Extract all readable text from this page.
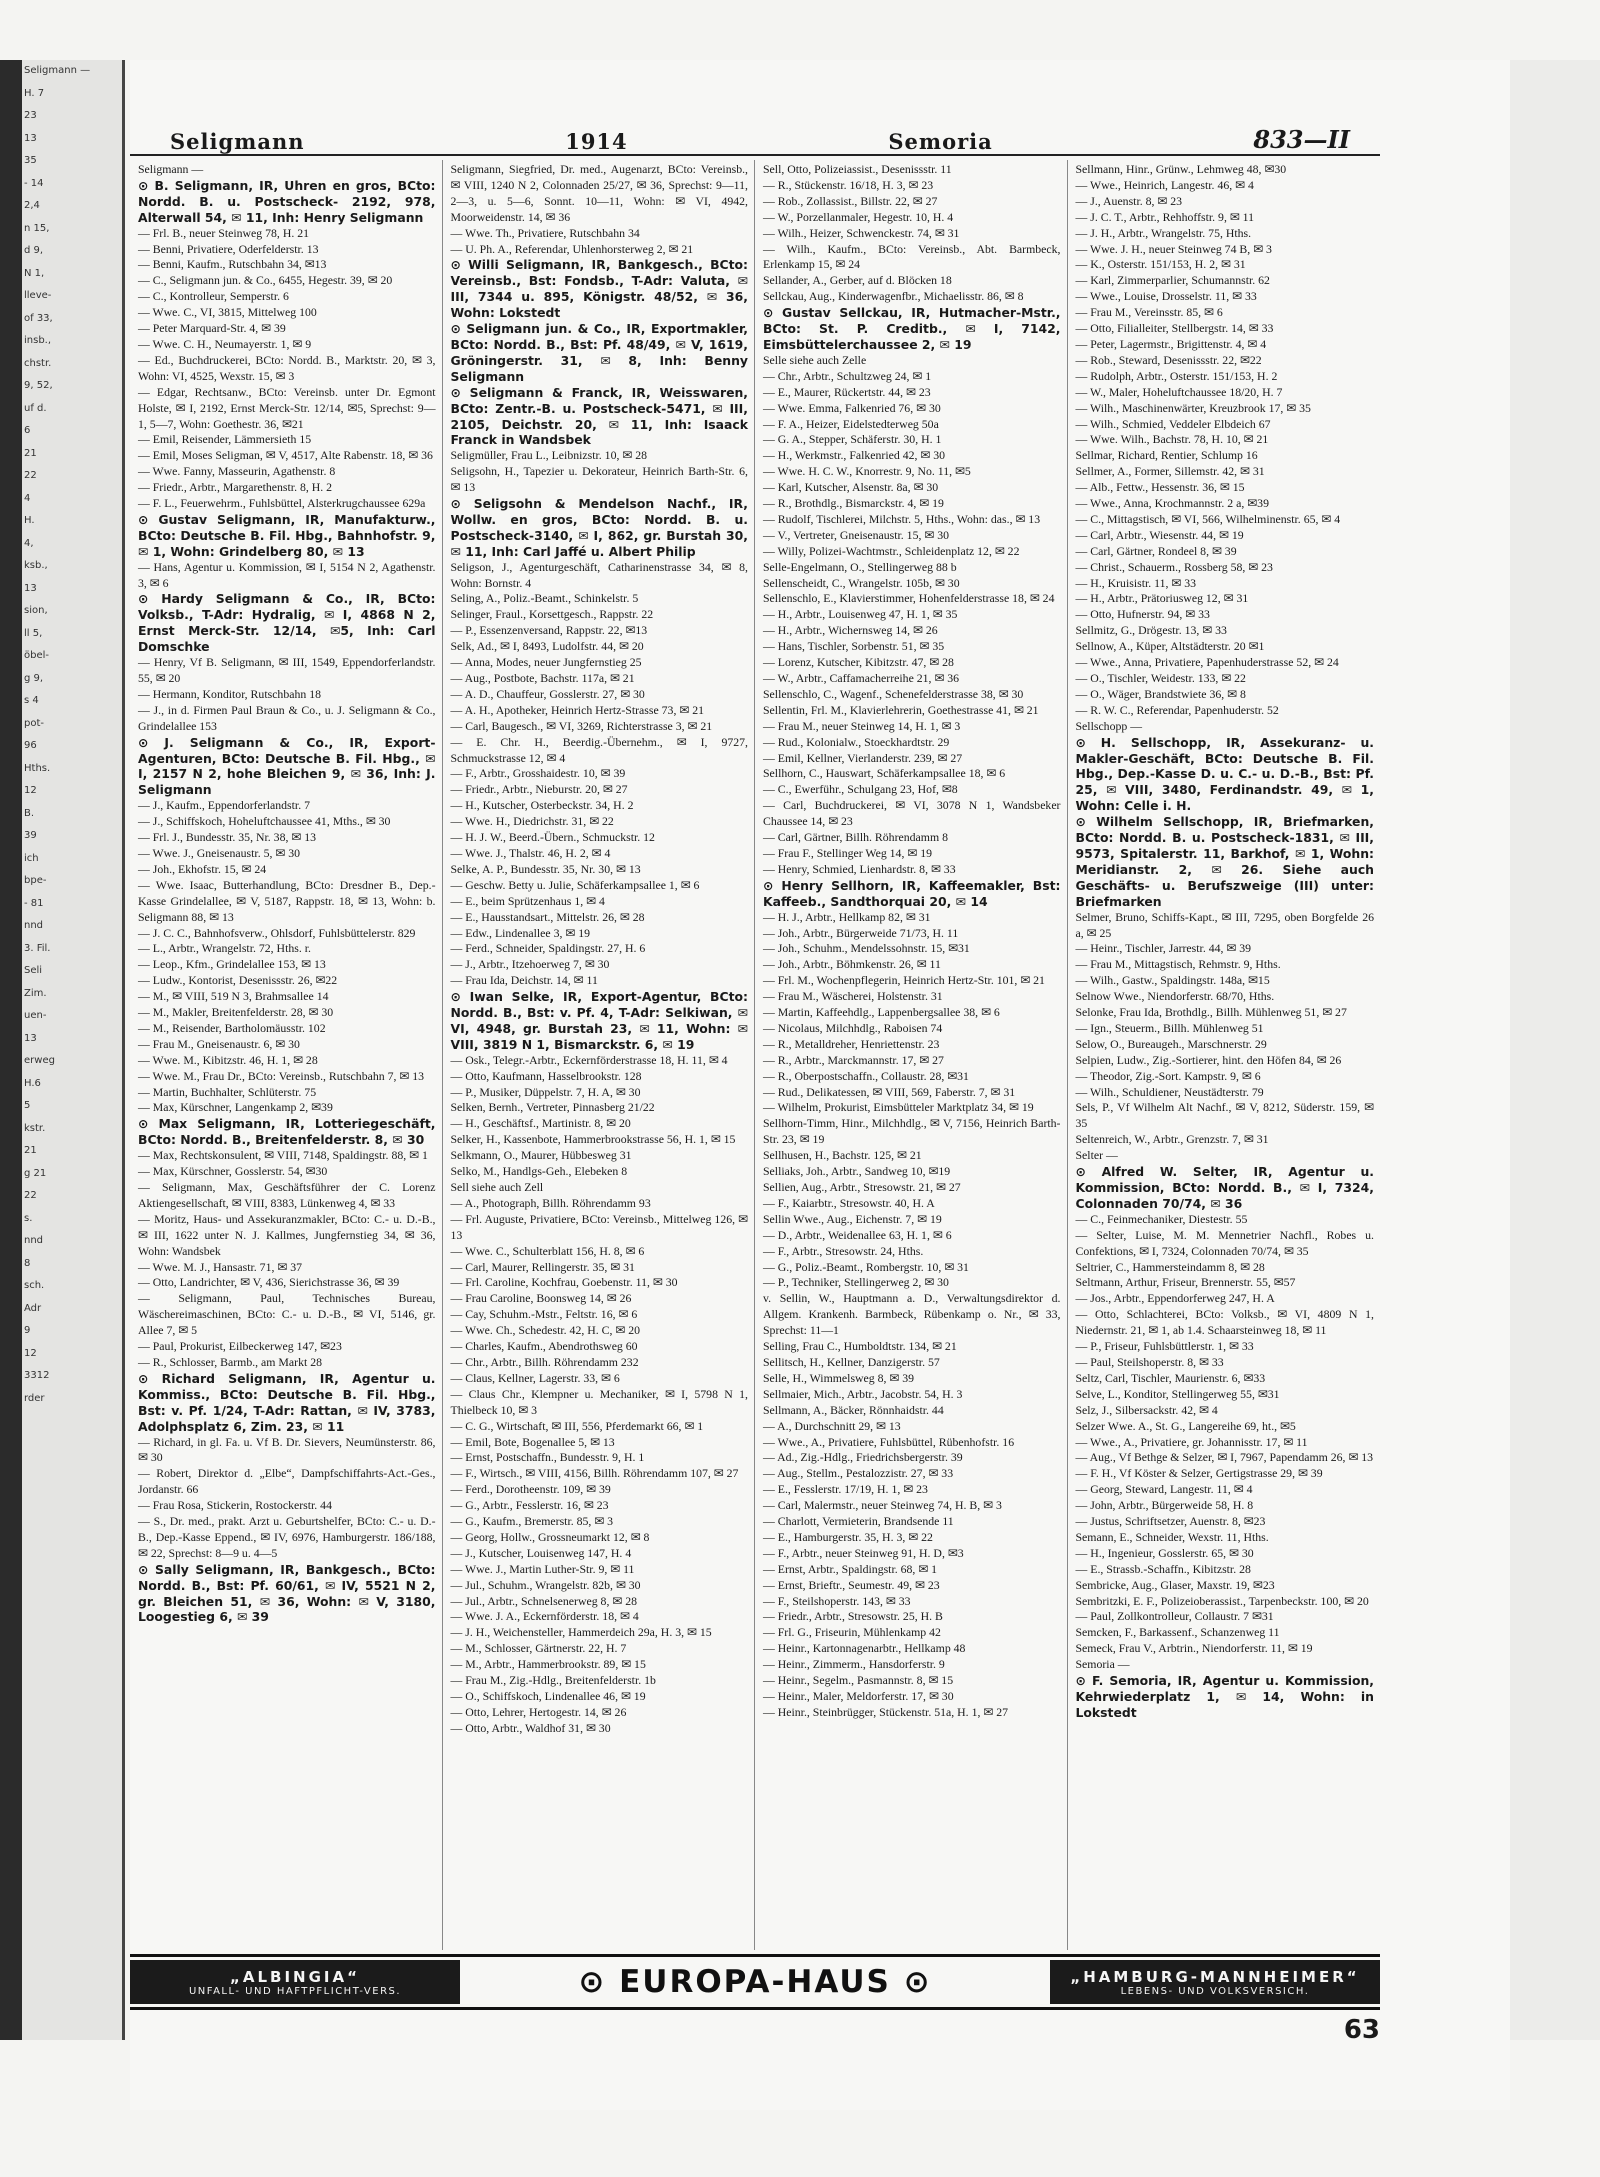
Seligmann —
H. 7
23
13
35
- 14
2,4
n 15,
d 9,
N 1,
lleve-
of 33,
insb.,
chstr.
9, 52,
uf d.
6
21
22
4
H.
4,
ksb.,
13
sion,
ll 5,
öbel-
g 9,
s 4
pot-
96
Hths.
12
B.
39
ich
bpe-
- 81
nnd
3. Fil.
Seli
Zim.
uen-
13
erweg
H.6
5
kstr.
21
g 21
22
s.
nnd
8
sch.
Adr
9
12
3312
rder
Seligmann	1914	Semoria	833—II

Seligmann —

⊙ B. Seligmann, IR, Uhren en gros, BCto: Nordd. B. u. Postscheck- 2192, 978, Alterwall 54, ✉ 11, Inh: Henry Seligmann

— Frl. B., neuer Steinweg 78, H. 21

— Benni, Privatiere, Oderfelderstr. 13

— Benni, Kaufm., Rutschbahn 34, ✉13

— C., Seligmann jun. & Co., 6455, Hegestr. 39, ✉ 20

— C., Kontrolleur, Semperstr. 6

— Wwe. C., VI, 3815, Mittelweg 100

— Peter Marquard-Str. 4, ✉ 39

— Wwe. C. H., Neumayerstr. 1, ✉ 9

— Ed., Buchdruckerei, BCto: Nordd. B., Marktstr. 20, ✉ 3, Wohn: VI, 4525, Wexstr. 15, ✉ 3

— Edgar, Rechtsanw., BCto: Vereinsb. unter Dr. Egmont Holste, ✉ I, 2192, Ernst Merck-Str. 12/14, ✉5, Sprechst: 9—1, 5—7, Wohn: Goethestr. 36, ✉21

— Emil, Reisender, Lämmersieth 15

— Emil, Moses Seligman, ✉ V, 4517, Alte Rabenstr. 18, ✉ 36

— Wwe. Fanny, Masseurin, Agathenstr. 8

— Friedr., Arbtr., Margarethenstr. 8, H. 2

— F. L., Feuerwehrm., Fuhlsbüttel, Alsterkrugchaussee 629a

⊙ Gustav Seligmann, IR, Manufakturw., BCto: Deutsche B. Fil. Hbg., Bahnhofstr. 9, ✉ 1, Wohn: Grindelberg 80, ✉ 13

— Hans, Agentur u. Kommission, ✉ I, 5154 N 2, Agathenstr. 3, ✉ 6

⊙ Hardy Seligmann & Co., IR, BCto: Volksb., T-Adr: Hydralig, ✉ I, 4868 N 2, Ernst Merck-Str. 12/14, ✉5, Inh: Carl Domschke

— Henry, Vf B. Seligmann, ✉ III, 1549, Eppendorferlandstr. 55, ✉ 20

— Hermann, Konditor, Rutschbahn 18

— J., in d. Firmen Paul Braun & Co., u. J. Seligmann & Co., Grindelallee 153

⊙ J. Seligmann & Co., IR, Export-Agenturen, BCto: Deutsche B. Fil. Hbg., ✉ I, 2157 N 2, hohe Bleichen 9, ✉ 36, Inh: J. Seligmann

— J., Kaufm., Eppendorferlandstr. 7

— J., Schiffskoch, Hoheluftchaussee 41, Mths., ✉ 30

— Frl. J., Bundesstr. 35, Nr. 38, ✉ 13

— Wwe. J., Gneisenaustr. 5, ✉ 30

— Joh., Ekhofstr. 15, ✉ 24

— Wwe. Isaac, Butterhandlung, BCto: Dresdner B., Dep.-Kasse Grindelallee, ✉ V, 5187, Rappstr. 18, ✉ 13, Wohn: b. Seligmann 88, ✉ 13

— J. C. C., Bahnhofsverw., Ohlsdorf, Fuhlsbüttelerstr. 829

— L., Arbtr., Wrangelstr. 72, Hths. r.

— Leop., Kfm., Grindelallee 153, ✉ 13

— Ludw., Kontorist, Desenissstr. 26, ✉22

— M., ✉ VIII, 519 N 3, Brahmsallee 14

— M., Makler, Breitenfelderstr. 28, ✉ 30

— M., Reisender, Bartholomäusstr. 102

— Frau M., Gneisenaustr. 6, ✉ 30

— Wwe. M., Kibitzstr. 46, H. 1, ✉ 28

— Wwe. M., Frau Dr., BCto: Vereinsb., Rutschbahn 7, ✉ 13

— Martin, Buchhalter, Schlüterstr. 75

— Max, Kürschner, Langenkamp 2, ✉39

⊙ Max Seligmann, IR, Lotteriegeschäft, BCto: Nordd. B., Breitenfelderstr. 8, ✉ 30

— Max, Rechtskonsulent, ✉ VIII, 7148, Spaldingstr. 88, ✉ 1

— Max, Kürschner, Gosslerstr. 54, ✉30

— Seligmann, Max, Geschäftsführer der C. Lorenz Aktiengesellschaft, ✉ VIII, 8383, Lünkenweg 4, ✉ 33

— Moritz, Haus- und Assekuranzmakler, BCto: C.- u. D.-B., ✉ III, 1622 unter N. J. Kallmes, Jungfernstieg 34, ✉ 36, Wohn: Wandsbek

— Wwe. M. J., Hansastr. 71, ✉ 37

— Otto, Landrichter, ✉ V, 436, Sierichstrasse 36, ✉ 39

— Seligmann, Paul, Technisches Bureau, Wäschereimaschinen, BCto: C.- u. D.-B., ✉ VI, 5146, gr. Allee 7, ✉ 5

— Paul, Prokurist, Eilbeckerweg 147, ✉23

— R., Schlosser, Barmb., am Markt 28

⊙ Richard Seligmann, IR, Agentur u. Kommiss., BCto: Deutsche B. Fil. Hbg., Bst: v. Pf. 1/24, T-Adr: Rattan, ✉ IV, 3783, Adolphsplatz 6, Zim. 23, ✉ 11

— Richard, in gl. Fa. u. Vf B. Dr. Sievers, Neumünsterstr. 86, ✉ 30

— Robert, Direktor d. „Elbe“, Dampfschiffahrts-Act.-Ges., Jordanstr. 66

— Frau Rosa, Stickerin, Rostockerstr. 44

— S., Dr. med., prakt. Arzt u. Geburtshelfer, BCto: C.- u. D.-B., Dep.-Kasse Eppend., ✉ IV, 6976, Hamburgerstr. 186/188, ✉ 22, Sprechst: 8—9 u. 4—5

⊙ Sally Seligmann, IR, Bankgesch., BCto: Nordd. B., Bst: Pf. 60/61, ✉ IV, 5521 N 2, gr. Bleichen 51, ✉ 36, Wohn: ✉ V, 3180, Loogestieg 6, ✉ 39

Seligmann, Siegfried, Dr. med., Augenarzt, BCto: Vereinsb., ✉ VIII, 1240 N 2, Colonnaden 25/27, ✉ 36, Sprechst: 9—11, 2—3, u. 5—6, Sonnt. 10—11, Wohn: ✉ VI, 4942, Moorweidenstr. 14, ✉ 36

— Wwe. Th., Privatiere, Rutschbahn 34

— U. Ph. A., Referendar, Uhlenhorsterweg 2, ✉ 21

⊙ Willi Seligmann, IR, Bankgesch., BCto: Vereinsb., Bst: Fondsb., T-Adr: Valuta, ✉ III, 7344 u. 895, Königstr. 48/52, ✉ 36, Wohn: Lokstedt

⊙ Seligmann jun. & Co., IR, Exportmakler, BCto: Nordd. B., Bst: Pf. 48/49, ✉ V, 1619, Gröningerstr. 31, ✉ 8, Inh: Benny Seligmann

⊙ Seligmann & Franck, IR, Weisswaren, BCto: Zentr.-B. u. Postscheck-5471, ✉ III, 2105, Deichstr. 20, ✉ 11, Inh: Isaack Franck in Wandsbek

Seligmüller, Frau L., Leibnizstr. 10, ✉ 28

Seligsohn, H., Tapezier u. Dekorateur, Heinrich Barth-Str. 6, ✉ 13

⊙ Seligsohn & Mendelson Nachf., IR, Wollw. en gros, BCto: Nordd. B. u. Postscheck-3140, ✉ I, 862, gr. Burstah 30, ✉ 11, Inh: Carl Jaffé u. Albert Philip

Seligson, J., Agenturgeschäft, Catharinenstrasse 34, ✉ 8, Wohn: Bornstr. 4

Seling, A., Poliz.-Beamt., Schinkelstr. 5

Selinger, Fraul., Korsettgesch., Rappstr. 22

— P., Essenzenversand, Rappstr. 22, ✉13

Selk, Ad., ✉ I, 8493, Ludolfstr. 44, ✉ 20

— Anna, Modes, neuer Jungfernstieg 25

— Aug., Postbote, Bachstr. 117a, ✉ 21

— A. D., Chauffeur, Gosslerstr. 27, ✉ 30

— A. H., Apotheker, Heinrich Hertz-Strasse 73, ✉ 21

— Carl, Baugesch., ✉ VI, 3269, Richterstrasse 3, ✉ 21

— E. Chr. H., Beerdig.-Übernehm., ✉ I, 9727, Schmuckstrasse 12, ✉ 4

— F., Arbtr., Grosshaidestr. 10, ✉ 39

— Friedr., Arbtr., Nieburstr. 20, ✉ 27

— H., Kutscher, Osterbeckstr. 34, H. 2

— Wwe. H., Diedrichstr. 31, ✉ 22

— H. J. W., Beerd.-Übern., Schmuckstr. 12

— Wwe. J., Thalstr. 46, H. 2, ✉ 4

Selke, A. P., Bundesstr. 35, Nr. 30, ✉ 13

— Geschw. Betty u. Julie, Schäferkampsallee 1, ✉ 6

— E., beim Sprützenhaus 1, ✉ 4

— E., Hausstandsart., Mittelstr. 26, ✉ 28

— Edw., Lindenallee 3, ✉ 19

— Ferd., Schneider, Spaldingstr. 27, H. 6

— J., Arbtr., Itzehoerweg 7, ✉ 30

— Frau Ida, Deichstr. 14, ✉ 11

⊙ Iwan Selke, IR, Export-Agentur, BCto: Nordd. B., Bst: v. Pf. 4, T-Adr: Selkiwan, ✉ VI, 4948, gr. Burstah 23, ✉ 11, Wohn: ✉ VIII, 3819 N 1, Bismarckstr. 6, ✉ 19

— Osk., Telegr.-Arbtr., Eckernförderstrasse 18, H. 11, ✉ 4

— Otto, Kaufmann, Hasselbrookstr. 128

— P., Musiker, Düppelstr. 7, H. A, ✉ 30

Selken, Bernh., Vertreter, Pinnasberg 21/22

— H., Geschäftsf., Martinistr. 8, ✉ 20

Selker, H., Kassenbote, Hammerbrookstrasse 56, H. 1, ✉ 15

Selkmann, O., Maurer, Hübbesweg 31

Selko, M., Handlgs-Geh., Elebeken 8

Sell siehe auch Zell

— A., Photograph, Billh. Röhrendamm 93

— Frl. Auguste, Privatiere, BCto: Vereinsb., Mittelweg 126, ✉ 13

— Wwe. C., Schulterblatt 156, H. 8, ✉ 6

— Carl, Maurer, Rellingerstr. 35, ✉ 31

— Frl. Caroline, Kochfrau, Goebenstr. 11, ✉ 30

— Frau Caroline, Boonsweg 14, ✉ 26

— Cay, Schuhm.-Mstr., Feltstr. 16, ✉ 6

— Wwe. Ch., Schedestr. 42, H. C, ✉ 20

— Charles, Kaufm., Abendrothsweg 60

— Chr., Arbtr., Billh. Röhrendamm 232

— Claus, Kellner, Lagerstr. 33, ✉ 6

— Claus Chr., Klempner u. Mechaniker, ✉ I, 5798 N 1, Thielbeck 10, ✉ 3

— C. G., Wirtschaft, ✉ III, 556, Pferdemarkt 66, ✉ 1

— Emil, Bote, Bogenallee 5, ✉ 13

— Ernst, Postschaffn., Bundesstr. 9, H. 1

— F., Wirtsch., ✉ VIII, 4156, Billh. Röhrendamm 107, ✉ 27

— Ferd., Dorotheenstr. 109, ✉ 39

— G., Arbtr., Fesslerstr. 16, ✉ 23

— G., Kaufm., Bremerstr. 85, ✉ 3

— Georg, Hollw., Grossneumarkt 12, ✉ 8

— J., Kutscher, Louisenweg 147, H. 4

— Wwe. J., Martin Luther-Str. 9, ✉ 11

— Jul., Schuhm., Wrangelstr. 82b, ✉ 30

— Jul., Arbtr., Schnelsenerweg 8, ✉ 28

— Wwe. J. A., Eckernförderstr. 18, ✉ 4

— J. H., Weichensteller, Hammerdeich 29a, H. 3, ✉ 15

— M., Schlosser, Gärtnerstr. 22, H. 7

— M., Arbtr., Hammerbrookstr. 89, ✉ 15

— Frau M., Zig.-Hdlg., Breitenfelderstr. 1b

— O., Schiffskoch, Lindenallee 46, ✉ 19

— Otto, Lehrer, Hertogestr. 14, ✉ 26

— Otto, Arbtr., Waldhof 31, ✉ 30

Sell, Otto, Polizeiassist., Desenissstr. 11

— R., Stückenstr. 16/18, H. 3, ✉ 23

— Rob., Zollassist., Billstr. 22, ✉ 27

— W., Porzellanmaler, Hegestr. 10, H. 4

— Wilh., Heizer, Schwenckestr. 74, ✉ 31

— Wilh., Kaufm., BCto: Vereinsb., Abt. Barmbeck, Erlenkamp 15, ✉ 24

Sellander, A., Gerber, auf d. Blöcken 18

Sellckau, Aug., Kinderwagenfbr., Michaelisstr. 86, ✉ 8

⊙ Gustav Sellckau, IR, Hutmacher-Mstr., BCto: St. P. Creditb., ✉ I, 7142, Eimsbüttelerchaussee 2, ✉ 19

Selle siehe auch Zelle

— Chr., Arbtr., Schultzweg 24, ✉ 1

— E., Maurer, Rückertstr. 44, ✉ 23

— Wwe. Emma, Falkenried 76, ✉ 30

— F. A., Heizer, Eidelstedterweg 50a

— G. A., Stepper, Schäferstr. 30, H. 1

— H., Werkmstr., Falkenried 42, ✉ 30

— Wwe. H. C. W., Knorrestr. 9, No. 11, ✉5

— Karl, Kutscher, Alsenstr. 8a, ✉ 30

— R., Brothdlg., Bismarckstr. 4, ✉ 19

— Rudolf, Tischlerei, Milchstr. 5, Hths., Wohn: das., ✉ 13

— V., Vertreter, Gneisenaustr. 15, ✉ 30

— Willy, Polizei-Wachtmstr., Schleidenplatz 12, ✉ 22

Selle-Engelmann, O., Stellingerweg 88 b

Sellenscheidt, C., Wrangelstr. 105b, ✉ 30

Sellenschlo, E., Klavierstimmer, Hohenfelderstrasse 18, ✉ 24

— H., Arbtr., Louisenweg 47, H. 1, ✉ 35

— H., Arbtr., Wichernsweg 14, ✉ 26

— Hans, Tischler, Sorbenstr. 51, ✉ 35

— Lorenz, Kutscher, Kibitzstr. 47, ✉ 28

— W., Arbtr., Caffamacherreihe 21, ✉ 36

Sellenschlo, C., Wagenf., Schenefelderstrasse 38, ✉ 30

Sellentin, Frl. M., Klavierlehrerin, Goethestrasse 41, ✉ 21

— Frau M., neuer Steinweg 14, H. 1, ✉ 3

— Rud., Kolonialw., Stoeckhardtstr. 29

— Emil, Kellner, Vierlanderstr. 239, ✉ 27

Sellhorn, C., Hauswart, Schäferkampsallee 18, ✉ 6

— C., Ewerführ., Schulgang 23, Hof, ✉8

— Carl, Buchdruckerei, ✉ VI, 3078 N 1, Wandsbeker Chaussee 14, ✉ 23

— Carl, Gärtner, Billh. Röhrendamm 8

— Frau F., Stellinger Weg 14, ✉ 19

— Henry, Schmied, Lienhardstr. 8, ✉ 33

⊙ Henry Sellhorn, IR, Kaffeemakler, Bst: Kaffeeb., Sandthorquai 20, ✉ 14

— H. J., Arbtr., Hellkamp 82, ✉ 31

— Joh., Arbtr., Bürgerweide 71/73, H. 11

— Joh., Schuhm., Mendelssohnstr. 15, ✉31

— Joh., Arbtr., Böhmkenstr. 26, ✉ 11

— Frl. M., Wochenpflegerin, Heinrich Hertz-Str. 101, ✉ 21

— Frau M., Wäscherei, Holstenstr. 31

— Martin, Kaffeehdlg., Lappenbergsallee 38, ✉ 6

— Nicolaus, Milchhdlg., Raboisen 74

— R., Metalldreher, Henriettenstr. 23

— R., Arbtr., Marckmannstr. 17, ✉ 27

— R., Oberpostschaffn., Collaustr. 28, ✉31

— Rud., Delikatessen, ✉ VIII, 569, Faberstr. 7, ✉ 31

— Wilhelm, Prokurist, Eimsbütteler Marktplatz 34, ✉ 19

Sellhorn-Timm, Hinr., Milchhdlg., ✉ V, 7156, Heinrich Barth-Str. 23, ✉ 19

Sellhusen, H., Bachstr. 125, ✉ 21

Selliaks, Joh., Arbtr., Sandweg 10, ✉19

Sellien, Aug., Arbtr., Stresowstr. 21, ✉ 27

— F., Kaiarbtr., Stresowstr. 40, H. A

Sellin Wwe., Aug., Eichenstr. 7, ✉ 19

— D., Arbtr., Weidenallee 63, H. 1, ✉ 6

— F., Arbtr., Stresowstr. 24, Hths.

— G., Poliz.-Beamt., Rombergstr. 10, ✉ 31

— P., Techniker, Stellingerweg 2, ✉ 30

v. Sellin, W., Hauptmann a. D., Verwaltungsdirektor d. Allgem. Krankenh. Barmbeck, Rübenkamp o. Nr., ✉ 33, Sprechst: 11—1

Selling, Frau C., Humboldtstr. 134, ✉ 21

Sellitsch, H., Kellner, Danzigerstr. 57

Selle, H., Wimmelsweg 8, ✉ 39

Sellmaier, Mich., Arbtr., Jacobstr. 54, H. 3

Sellmann, A., Bäcker, Rönnhaidstr. 44

— A., Durchschnitt 29, ✉ 13

— Wwe., A., Privatiere, Fuhlsbüttel, Rübenhofstr. 16

— Ad., Zig.-Hdlg., Friedrichsbergerstr. 39

— Aug., Stellm., Pestalozzistr. 27, ✉ 33

— E., Fesslerstr. 17/19, H. 1, ✉ 23

— Carl, Malermstr., neuer Steinweg 74, H. B, ✉ 3

— Charlott, Vermieterin, Brandsende 11

— E., Hamburgerstr. 35, H. 3, ✉ 22

— F., Arbtr., neuer Steinweg 91, H. D, ✉3

— Ernst, Arbtr., Spaldingstr. 68, ✉ 1

— Ernst, Brieftr., Seumestr. 49, ✉ 23

— F., Steilshoperstr. 143, ✉ 33

— Friedr., Arbtr., Stresowstr. 25, H. B

— Frl. G., Friseurin, Mühlenkamp 42

— Heinr., Kartonnagenarbtr., Hellkamp 48

— Heinr., Zimmerm., Hansdorferstr. 9

— Heinr., Segelm., Pasmannstr. 8, ✉ 15

— Heinr., Maler, Meldorferstr. 17, ✉ 30

— Heinr., Steinbrügger, Stückenstr. 51a, H. 1, ✉ 27

Sellmann, Hinr., Grünw., Lehmweg 48, ✉30

— Wwe., Heinrich, Langestr. 46, ✉ 4

— J., Auenstr. 8, ✉ 23

— J. C. T., Arbtr., Rehhoffstr. 9, ✉ 11

— J. H., Arbtr., Wrangelstr. 75, Hths.

— Wwe. J. H., neuer Steinweg 74 B, ✉ 3

— K., Osterstr. 151/153, H. 2, ✉ 31

— Karl, Zimmerparlier, Schumannstr. 62

— Wwe., Louise, Drosselstr. 11, ✉ 33

— Frau M., Vereinsstr. 85, ✉ 6

— Otto, Filialleiter, Stellbergstr. 14, ✉ 33

— Peter, Lagermstr., Brigittenstr. 4, ✉ 4

— Rob., Steward, Desenissstr. 22, ✉22

— Rudolph, Arbtr., Osterstr. 151/153, H. 2

— W., Maler, Hoheluftchaussee 18/20, H. 7

— Wilh., Maschinenwärter, Kreuzbrook 17, ✉ 35

— Wilh., Schmied, Veddeler Elbdeich 67

— Wwe. Wilh., Bachstr. 78, H. 10, ✉ 21

Sellmar, Richard, Rentier, Schlump 16

Sellmer, A., Former, Sillemstr. 42, ✉ 31

— Alb., Fettw., Hessenstr. 36, ✉ 15

— Wwe., Anna, Krochmannstr. 2 a, ✉39

— C., Mittagstisch, ✉ VI, 566, Wilhelminenstr. 65, ✉ 4

— Carl, Arbtr., Wiesenstr. 44, ✉ 19

— Carl, Gärtner, Rondeel 8, ✉ 39

— Christ., Schauerm., Rossberg 58, ✉ 23

— H., Kruisistr. 11, ✉ 33

— H., Arbtr., Prätoriusweg 12, ✉ 31

— Otto, Hufnerstr. 94, ✉ 33

Sellmitz, G., Drögestr. 13, ✉ 33

Sellnow, A., Küper, Altstädterstr. 20 ✉1

— Wwe., Anna, Privatiere, Papenhuderstrasse 52, ✉ 24

— O., Tischler, Weidestr. 133, ✉ 22

— O., Wäger, Brandstwiete 36, ✉ 8

— R. W. C., Referendar, Papenhuderstr. 52

Sellschopp —

⊙ H. Sellschopp, IR, Assekuranz- u. Makler-Geschäft, BCto: Deutsche B. Fil. Hbg., Dep.-Kasse D. u. C.- u. D.-B., Bst: Pf. 25, ✉ VIII, 3480, Ferdinandstr. 49, ✉ 1, Wohn: Celle i. H.

⊙ Wilhelm Sellschopp, IR, Briefmarken, BCto: Nordd. B. u. Postscheck-1831, ✉ III, 9573, Spitalerstr. 11, Barkhof, ✉ 1, Wohn: Meridianstr. 2, ✉ 26. Siehe auch Geschäfts- u. Berufszweige (III) unter: Briefmarken

Selmer, Bruno, Schiffs-Kapt., ✉ III, 7295, oben Borgfelde 26 a, ✉ 25

— Heinr., Tischler, Jarrestr. 44, ✉ 39

— Frau M., Mittagstisch, Rehmstr. 9, Hths.

— Wilh., Gastw., Spaldingstr. 148a, ✉15

Selnow Wwe., Niendorferstr. 68/70, Hths.

Selonke, Frau Ida, Brothdlg., Billh. Mühlenweg 51, ✉ 27

— Ign., Steuerm., Billh. Mühlenweg 51

Selow, O., Bureaugeh., Marschnerstr. 29

Selpien, Ludw., Zig.-Sortierer, hint. den Höfen 84, ✉ 26

— Theodor, Zig.-Sort. Kampstr. 9, ✉ 6

— Wilh., Schuldiener, Neustädterstr. 79

Sels, P., Vf Wilhelm Alt Nachf., ✉ V, 8212, Süderstr. 159, ✉ 35

Seltenreich, W., Arbtr., Grenzstr. 7, ✉ 31

Selter —

⊙ Alfred W. Selter, IR, Agentur u. Kommission, BCto: Nordd. B., ✉ I, 7324, Colonnaden 70/74, ✉ 36

— C., Feinmechaniker, Diestestr. 55

— Selter, Luise, M. M. Mennetrier Nachfl., Robes u. Confektions, ✉ I, 7324, Colonnaden 70/74, ✉ 35

Seltrier, C., Hammersteindamm 8, ✉ 28

Seltmann, Arthur, Friseur, Brennerstr. 55, ✉57

— Jos., Arbtr., Eppendorferweg 247, H. A

— Otto, Schlachterei, BCto: Volksb., ✉ VI, 4809 N 1, Niedernstr. 21, ✉ 1, ab 1.4. Schaarsteinweg 18, ✉ 11

— P., Friseur, Fuhlsbüttlerstr. 1, ✉ 33

— Paul, Steilshoperstr. 8, ✉ 33

Seltz, Carl, Tischler, Maurienstr. 6, ✉33

Selve, L., Konditor, Stellingerweg 55, ✉31

Selz, J., Silbersackstr. 42, ✉ 4

Selzer Wwe. A., St. G., Langereihe 69, ht., ✉5

— Wwe., A., Privatiere, gr. Johannisstr. 17, ✉ 11

— Aug., Vf Bethge & Selzer, ✉ I, 7967, Papendamm 26, ✉ 13

— F. H., Vf Köster & Selzer, Gertigstrasse 29, ✉ 39

— Georg, Steward, Langestr. 11, ✉ 4

— John, Arbtr., Bürgerweide 58, H. 8

— Justus, Schriftsetzer, Auenstr. 8, ✉23

Semann, E., Schneider, Wexstr. 11, Hths.

— H., Ingenieur, Gosslerstr. 65, ✉ 30

— E., Strassb.-Schaffn., Kibitzstr. 28

Sembricke, Aug., Glaser, Maxstr. 19, ✉23

Sembritzki, E. F., Polizeioberassist., Tarpenbeckstr. 100, ✉ 20

— Paul, Zollkontrolleur, Collaustr. 7 ✉31

Semcken, F., Barkassenf., Schanzenweg 11

Semeck, Frau V., Arbtrin., Niendorferstr. 11, ✉ 19

Semoria —

⊙ F. Semoria, IR, Agentur u. Kommission, Kehrwiederplatz 1, ✉ 14, Wohn: in Lokstedt

„ALBINGIA“
UNFALL- UND HAFTPFLICHT-VERS.	⊙ EUROPA-HAUS ⊙	„HAMBURG-MANNHEIMER“
LEBENS- UND VOLKSVERSICH.
63
